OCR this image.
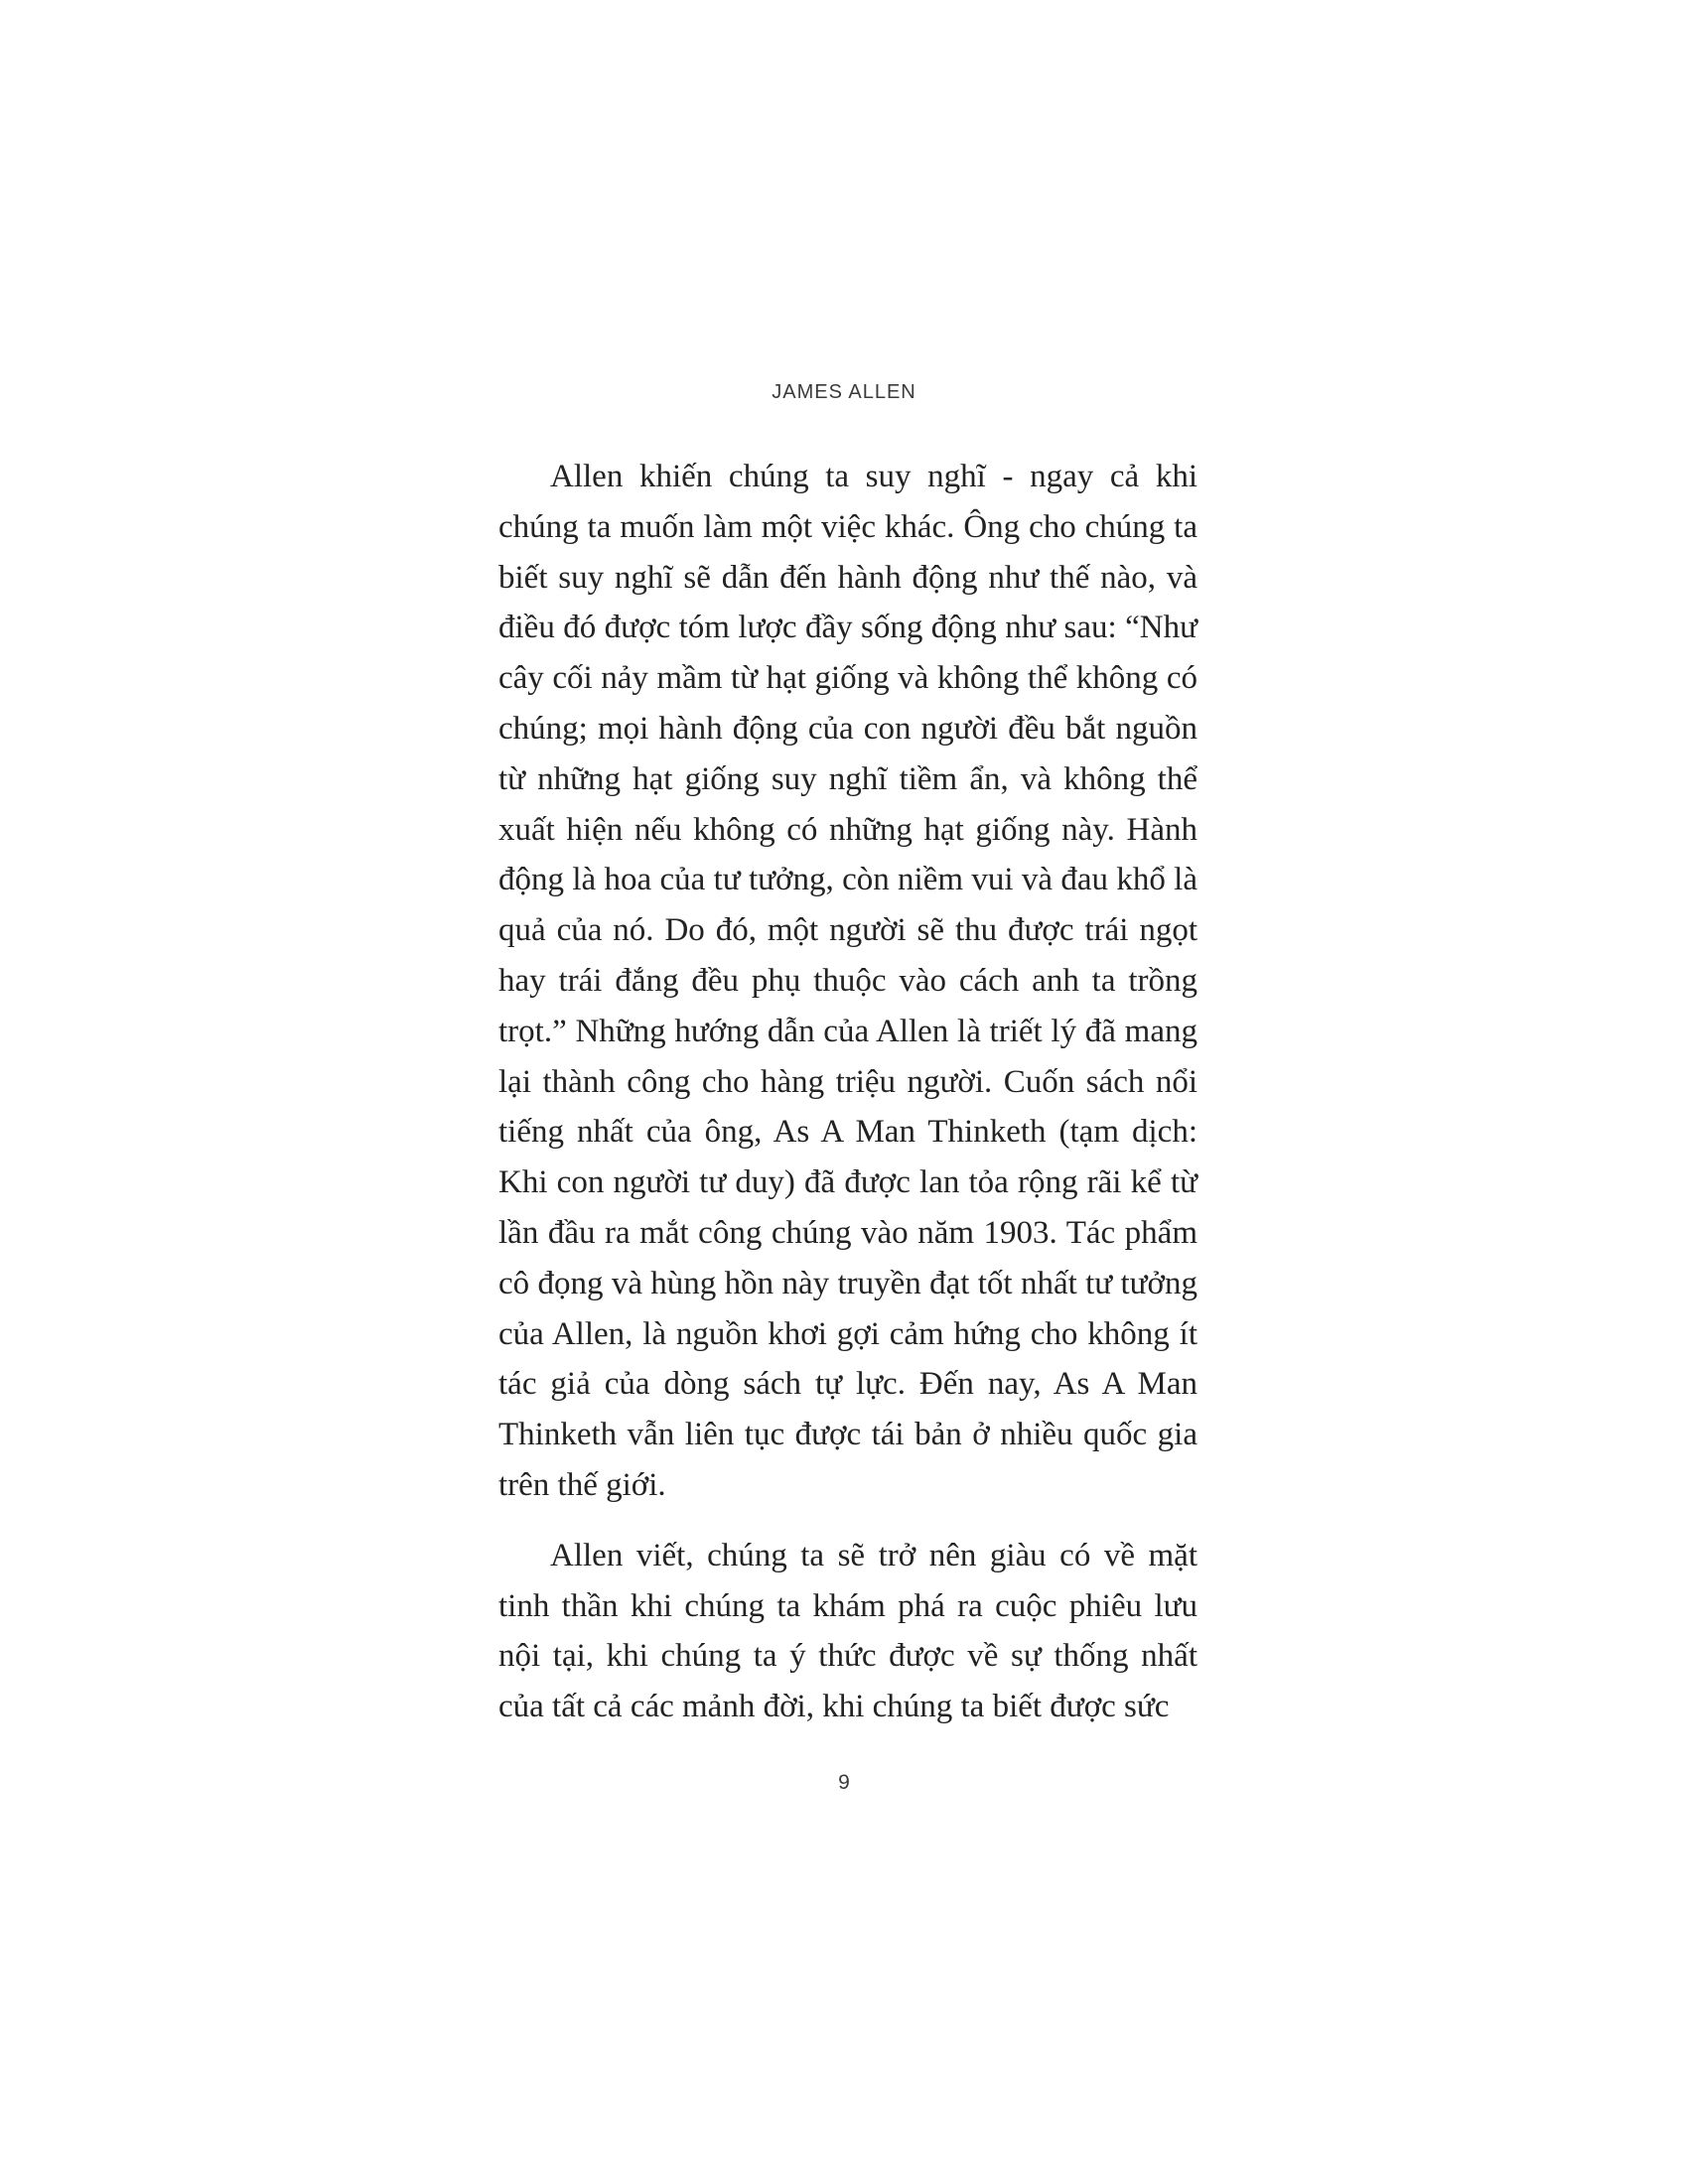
JAMES ALLEN

Allen khiến chúng ta suy nghĩ - ngay cả khi chúng ta muốn làm một việc khác. Ông cho chúng ta biết suy nghĩ sẽ dẫn đến hành động như thế nào, và điều đó được tóm lược đầy sống động như sau: “Như cây cối nảy mầm từ hạt giống và không thể không có chúng; mọi hành động của con người đều bắt nguồn từ những hạt giống suy nghĩ tiềm ẩn, và không thể xuất hiện nếu không có những hạt giống này. Hành động là hoa của tư tưởng, còn niềm vui và đau khổ là quả của nó. Do đó, một người sẽ thu được trái ngọt hay trái đắng đều phụ thuộc vào cách anh ta trồng trọt.” Những hướng dẫn của Allen là triết lý đã mang lại thành công cho hàng triệu người. Cuốn sách nổi tiếng nhất của ông, As A Man Thinketh (tạm dịch: Khi con người tư duy) đã được lan tỏa rộng rãi kể từ lần đầu ra mắt công chúng vào năm 1903. Tác phẩm cô đọng và hùng hồn này truyền đạt tốt nhất tư tưởng của Allen, là nguồn khơi gợi cảm hứng cho không ít tác giả của dòng sách tự lực. Đến nay, As A Man Thinketh vẫn liên tục được tái bản ở nhiều quốc gia trên thế giới.

Allen viết, chúng ta sẽ trở nên giàu có về mặt tinh thần khi chúng ta khám phá ra cuộc phiêu lưu nội tại, khi chúng ta ý thức được về sự thống nhất của tất cả các mảnh đời, khi chúng ta biết được sức

9
